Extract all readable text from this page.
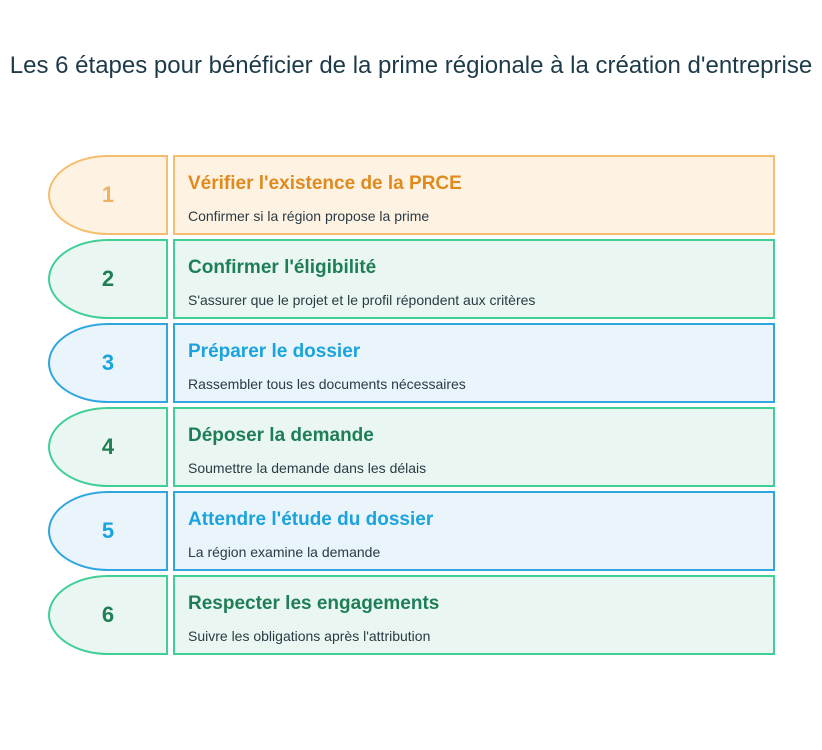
Les 6 étapes pour bénéficier de la prime régionale à la création d'entreprise
1	Vérifier l'existence de la PRCE
Confirmer si la région propose la prime
2	Confirmer l'éligibilité
S'assurer que le projet et le profil répondent aux critères
3	Préparer le dossier
Rassembler tous les documents nécessaires
4	Déposer la demande
Soumettre la demande dans les délais
5	Attendre l'étude du dossier
La région examine la demande
6	Respecter les engagements
Suivre les obligations après l'attribution
